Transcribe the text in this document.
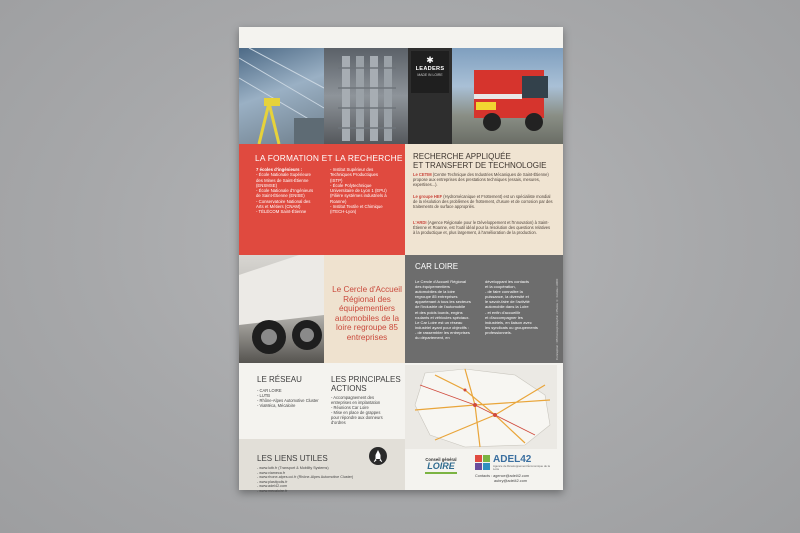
✱
LEADERS
MADE IN LOIRE
LA FORMATION ET LA RECHERCHE
7 écoles d'ingénieurs :
- École Nationale Supérieure
des Mines de Saint-Étienne
(ENSMSE)
- École Nationale d'Ingénieurs
de Saint-Étienne (ENISE)
- Conservatoire National des
Arts et Métiers (CNAM)
- TÉLÉCOM Saint-Étienne
- Institut Supérieur des
Techniques Productiques
(ISTP)
- École Polytechnique
Universitaire de Lyon 1 (EPU)
(Filière systèmes industriels à
Roanne)
- Institut Textile et Chimique
(ITECH-Lyon)
RECHERCHE APPLIQUÉE
ET TRANSFERT DE TECHNOLOGIE
Le CETIM (Centre Technique des Industries Mécaniques de Saint-Étienne) propose aux entreprises des prestations techniques (essais, mesures, expertises...).
Le groupe HEF (Hydromécanique et Frottement) est un spécialiste mondial de la résolution des problèmes de frottement, d'usure et de corrosion par des traitements de surface appropriés.
L'ARDI (Agence Régionale pour le Développement et l'Innovation) à Saint-Étienne et Roanne, est l'outil idéal pour la résolution des questions relatives à la productique et, plus largement, à l'amélioration de la production.

Le Cercle d'Accueil Régional des équipementiers automobiles de la loire regroupe 85 entreprises

CAR LOIRE
Le Cercle d'Accueil Régional
des équipementiers
automobiles de la loire
regroupe 85 entreprises
appartenant à tous les secteurs
de l'industrie de l'automobile
et des poids lourds, engins
roulants et véhicules spéciaux.
Le Car Loire est un réseau
industriel ayant pour objectifs :
- de rassembler les entreprises
du département, en
développant les contacts
et la coopération,
- de faire connaître la
puissance, la diversité et
le savoir-faire de l'activité
automobile dans la Loire
- et enfin d'accueillir
et d'accompagner les
industriels, en liaison avec
les syndicats ou groupements
professionnels.	Conception : FB Concept Graphic • Photos © Fotolia • ARDI
LE RÉSEAU
- CAR LOIRE
- LUTB
- Rhône-Alpes Automotive Cluster
- ViaMéca, Mécaloire
LES PRINCIPALES
ACTIONS
- Accompagnement des
entreprises en implantation
- Réunions Car Loire
- Mise en place de grappes
pour répondre aux donneurs
d'ordres
LES LIENS UTILES
- www.lutb.fr (Transport & Mobility Systems)
- www.viameca.fr
- www.rhone-alpes.cci.fr (Rhône-Alpes Automotive Cluster)
- www.plastipolis.fr
- www.adel42.com
- www.mecaloire.fr
Conseil général
LOIRE
ADEL42
Agence de Développement Économique de la Loire
Contacts : agence@adel42.com
aubry@adel42.com
